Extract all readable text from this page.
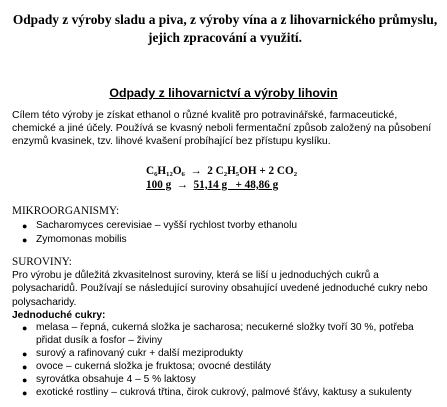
Odpady z výroby sladu a piva, z výroby vína a z lihovarnického průmyslu,
jejich zpracování a využití.
Odpady z lihovarnictví a výroby lihovin

Cílem této výroby je získat ethanol o různé kvalitě pro potravinářské, farmaceutické, chemické a jiné účely. Používá se kvasný neboli fermentační způsob založený na působení enzymů kvasinek, tzv. lihové kvašení probíhající bez přístupu kyslíku.

C₆H₁₂O₆  →  2 C₂H₅OH + 2 CO₂
100 g  →  51,14 g   + 48,86 g

MIKROORGANISMY:

● Sacharomyces cerevisiae – vyšší rychlost tvorby ethanolu
● Zymomonas mobilis

SUROVINY:

Pro výrobu je důležitá zkvasitelnost suroviny, která se liší u jednoduchých cukrů a polysacharidů. Používají se následující suroviny obsahující uvedené jednoduché cukry nebo polysacharidy.

Jednoduché cukry:

● melasa – řepná, cukerná složka je sacharosa; necukerné složky tvoří 30 %, potřeba přidat dusík a fosfor – živiny
● surový a rafinovaný cukr + další meziprodukty
● ovoce – cukerná složka je fruktosa; ovocné destiláty
● syrovátka obsahuje 4 – 5 % laktosy
● exotické rostliny – cukrová třtina, čirok cukrový, palmové šťávy, kaktusy a sukulenty
